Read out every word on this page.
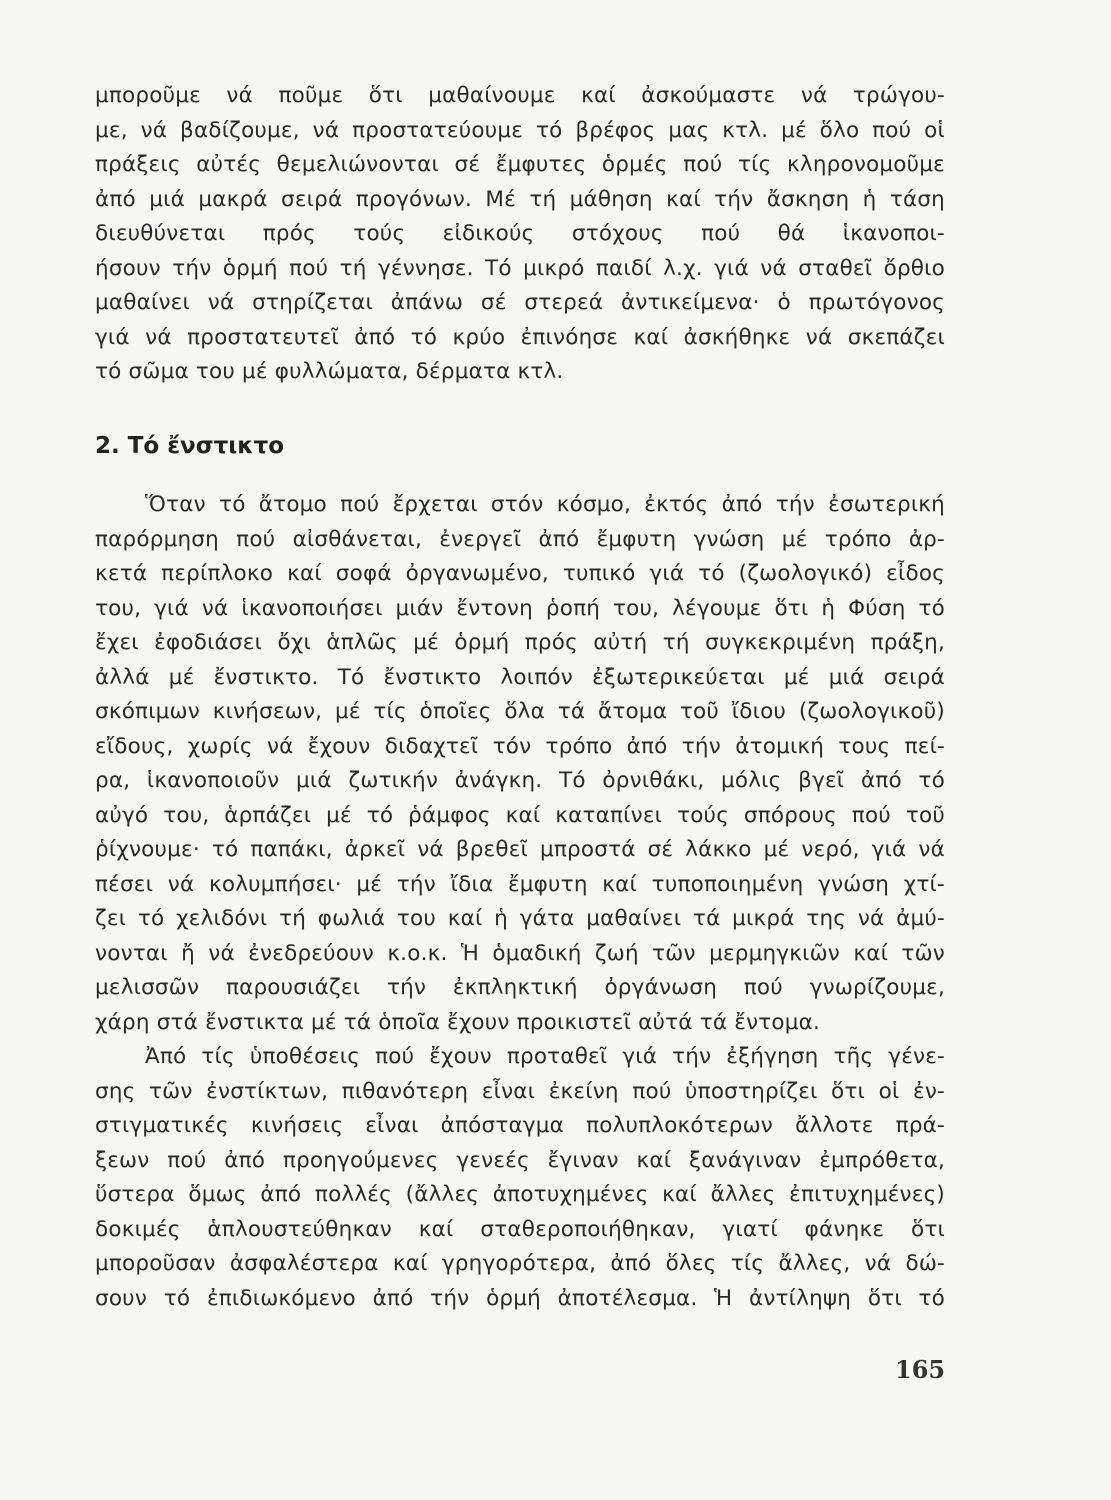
μποροῦμε νά ποῦμε ὅτι μαθαίνουμε καί ἀσκούμαστε νά τρώγου-
με, νά βαδίζουμε, νά προστατεύουμε τό βρέφος μας κτλ. μέ ὅλο πού οἱ
πράξεις αὐτές θεμελιώνονται σέ ἔμφυτες ὁρμές πού τίς κληρονομοῦμε
ἀπό μιά μακρά σειρά προγόνων. Μέ τή μάθηση καί τήν ἄσκηση ἡ τάση
διευθύνεται πρός τούς εἰδικούς στόχους πού θά ἱκανοποι-
ήσουν τήν ὁρμή πού τή γέννησε. Τό μικρό παιδί λ.χ. γιά νά σταθεῖ ὄρθιο
μαθαίνει νά στηρίζεται ἀπάνω σέ στερεά ἀντικείμενα· ὁ πρωτόγονος
γιά νά προστατευτεῖ ἀπό τό κρύο ἐπινόησε καί ἀσκήθηκε νά σκεπάζει
τό σῶμα του μέ φυλλώματα, δέρματα κτλ.
2. Τό ἔνστικτο
Ὅταν τό ἄτομο πού ἔρχεται στόν κόσμο, ἐκτός ἀπό τήν ἐσωτερική
παρόρμηση πού αἰσθάνεται, ἐνεργεῖ ἀπό ἔμφυτη γνώση μέ τρόπο ἀρ-
κετά περίπλοκο καί σοφά ὀργανωμένο, τυπικό γιά τό (ζωολογικό) εἶδος
του, γιά νά ἱκανοποιήσει μιάν ἔντονη ῥοπή του, λέγουμε ὅτι ἡ Φύση τό
ἔχει ἐφοδιάσει ὄχι ἁπλῶς μέ ὁρμή πρός αὐτή τή συγκεκριμένη πράξη,
ἀλλά μέ ἔνστικτο. Τό ἔνστικτο λοιπόν ἐξωτερικεύεται μέ μιά σειρά
σκόπιμων κινήσεων, μέ τίς ὁποῖες ὅλα τά ἄτομα τοῦ ἴδιου (ζωολογικοῦ)
εἴδους, χωρίς νά ἔχουν διδαχτεῖ τόν τρόπο ἀπό τήν ἀτομική τους πεί-
ρα, ἱκανοποιοῦν μιά ζωτικήν ἀνάγκη. Τό ὀρνιθάκι, μόλις βγεῖ ἀπό τό
αὐγό του, ἁρπάζει μέ τό ῥάμφος καί καταπίνει τούς σπόρους πού τοῦ
ῥίχνουμε· τό παπάκι, ἀρκεῖ νά βρεθεῖ μπροστά σέ λάκκο μέ νερό, γιά νά
πέσει νά κολυμπήσει· μέ τήν ἴδια ἔμφυτη καί τυποποιημένη γνώση χτί-
ζει τό χελιδόνι τή φωλιά του καί ἡ γάτα μαθαίνει τά μικρά της νά ἀμύ-
νονται ἤ νά ἐνεδρεύουν κ.ο.κ. Ἡ ὁμαδική ζωή τῶν μερμηγκιῶν καί τῶν
μελισσῶν παρουσιάζει τήν ἐκπληκτική ὀργάνωση πού γνωρίζουμε,
χάρη στά ἔνστικτα μέ τά ὁποῖα ἔχουν προικιστεῖ αὐτά τά ἔντομα.
Ἀπό τίς ὑποθέσεις πού ἔχουν προταθεῖ γιά τήν ἐξήγηση τῆς γένε-
σης τῶν ἐνστίκτων, πιθανότερη εἶναι ἐκείνη πού ὑποστηρίζει ὅτι οἱ ἐν-
στιγματικές κινήσεις εἶναι ἀπόσταγμα πολυπλοκότερων ἄλλοτε πρά-
ξεων πού ἀπό προηγούμενες γενεές ἔγιναν καί ξανάγιναν ἐμπρόθετα,
ὕστερα ὅμως ἀπό πολλές (ἄλλες ἀποτυχημένες καί ἄλλες ἐπιτυχημένες)
δοκιμές ἁπλουστεύθηκαν καί σταθεροποιήθηκαν, γιατί φάνηκε ὅτι
μποροῦσαν ἀσφαλέστερα καί γρηγορότερα, ἀπό ὅλες τίς ἄλλες, νά δώ-
σουν τό ἐπιδιωκόμενο ἀπό τήν ὁρμή ἀποτέλεσμα. Ἡ ἀντίληψη ὅτι τό
165
